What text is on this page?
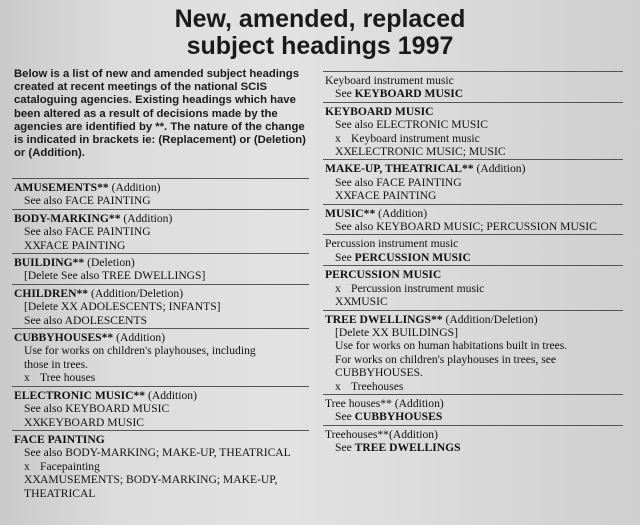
New, amended, replaced
subject headings 1997
Below is a list of new and amended subject headings created at recent meetings of the national SCIS cataloguing agencies. Existing headings which have been altered as a result of decisions made by the agencies are identified by **. The nature of the change is indicated in brackets ie: (Replacement) or (Deletion) or (Addition).
AMUSEMENTS** (Addition)
See also FACE PAINTING
BODY-MARKING** (Addition)
See also FACE PAINTING
XXFACE PAINTING
BUILDING** (Deletion)
[Delete See also TREE DWELLINGS]
CHILDREN** (Addition/Deletion)
[Delete XX ADOLESCENTS; INFANTS]
See also ADOLESCENTS
CUBBYHOUSES** (Addition)
Use for works on children's playhouses, including
those in trees.
x Tree houses
ELECTRONIC MUSIC** (Addition)
See also KEYBOARD MUSIC
XXKEYBOARD MUSIC
FACE PAINTING
See also BODY-MARKING; MAKE-UP, THEATRICAL
x Facepainting
XXAMUSEMENTS; BODY-MARKING; MAKE-UP,
THEATRICAL
Keyboard instrument music
See KEYBOARD MUSIC
KEYBOARD MUSIC
See also ELECTRONIC MUSIC
x Keyboard instrument music
XXELECTRONIC MUSIC; MUSIC
MAKE-UP, THEATRICAL** (Addition)
See also FACE PAINTING
XXFACE PAINTING
MUSIC** (Addition)
See also KEYBOARD MUSIC; PERCUSSION MUSIC
Percussion instrument music
See PERCUSSION MUSIC
PERCUSSION MUSIC
x Percussion instrument music
XXMUSIC
TREE DWELLINGS** (Addition/Deletion)
[Delete XX BUILDINGS]
Use for works on human habitations built in trees.
For works on children's playhouses in trees, see
CUBBYHOUSES.
x Treehouses
Tree houses** (Addition)
See CUBBYHOUSES
Treehouses**(Addition)
See TREE DWELLINGS
